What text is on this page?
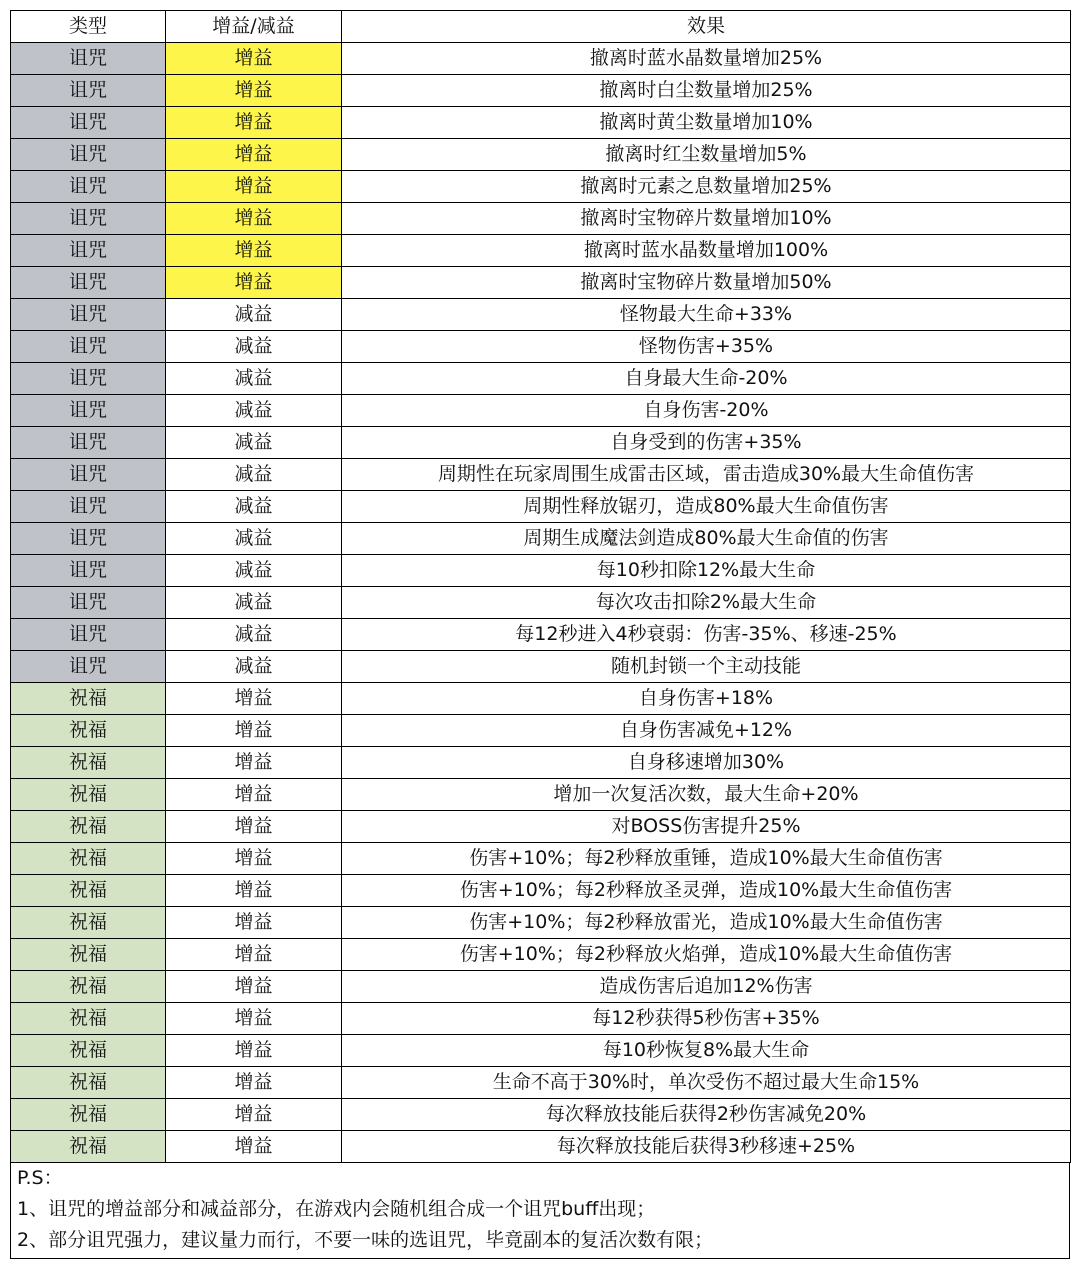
类型	增益/减益	效果
诅咒	增益	撤离时蓝水晶数量增加25%
诅咒	增益	撤离时白尘数量增加25%
诅咒	增益	撤离时黄尘数量增加10%
诅咒	增益	撤离时红尘数量增加5%
诅咒	增益	撤离时元素之息数量增加25%
诅咒	增益	撤离时宝物碎片数量增加10%
诅咒	增益	撤离时蓝水晶数量增加100%
诅咒	增益	撤离时宝物碎片数量增加50%
诅咒	减益	怪物最大生命+33%
诅咒	减益	怪物伤害+35%
诅咒	减益	自身最大生命-20%
诅咒	减益	自身伤害-20%
诅咒	减益	自身受到的伤害+35%
诅咒	减益	周期性在玩家周围生成雷击区域，雷击造成30%最大生命值伤害
诅咒	减益	周期性释放锯刃，造成80%最大生命值伤害
诅咒	减益	周期生成魔法剑造成80%最大生命值的伤害
诅咒	减益	每10秒扣除12%最大生命
诅咒	减益	每次攻击扣除2%最大生命
诅咒	减益	每12秒进入4秒衰弱：伤害-35%、移速-25%
诅咒	减益	随机封锁一个主动技能
祝福	增益	自身伤害+18%
祝福	增益	自身伤害减免+12%
祝福	增益	自身移速增加30%
祝福	增益	增加一次复活次数，最大生命+20%
祝福	增益	对BOSS伤害提升25%
祝福	增益	伤害+10%；每2秒释放重锤，造成10%最大生命值伤害
祝福	增益	伤害+10%；每2秒释放圣灵弹，造成10%最大生命值伤害
祝福	增益	伤害+10%；每2秒释放雷光，造成10%最大生命值伤害
祝福	增益	伤害+10%；每2秒释放火焰弹，造成10%最大生命值伤害
祝福	增益	造成伤害后追加12%伤害
祝福	增益	每12秒获得5秒伤害+35%
祝福	增益	每10秒恢复8%最大生命
祝福	增益	生命不高于30%时，单次受伤不超过最大生命15%
祝福	增益	每次释放技能后获得2秒伤害减免20%
祝福	增益	每次释放技能后获得3秒移速+25%
P.S：
1、诅咒的增益部分和减益部分，在游戏内会随机组合成一个诅咒buff出现；
2、部分诅咒强力，建议量力而行，不要一味的选诅咒，毕竟副本的复活次数有限；
